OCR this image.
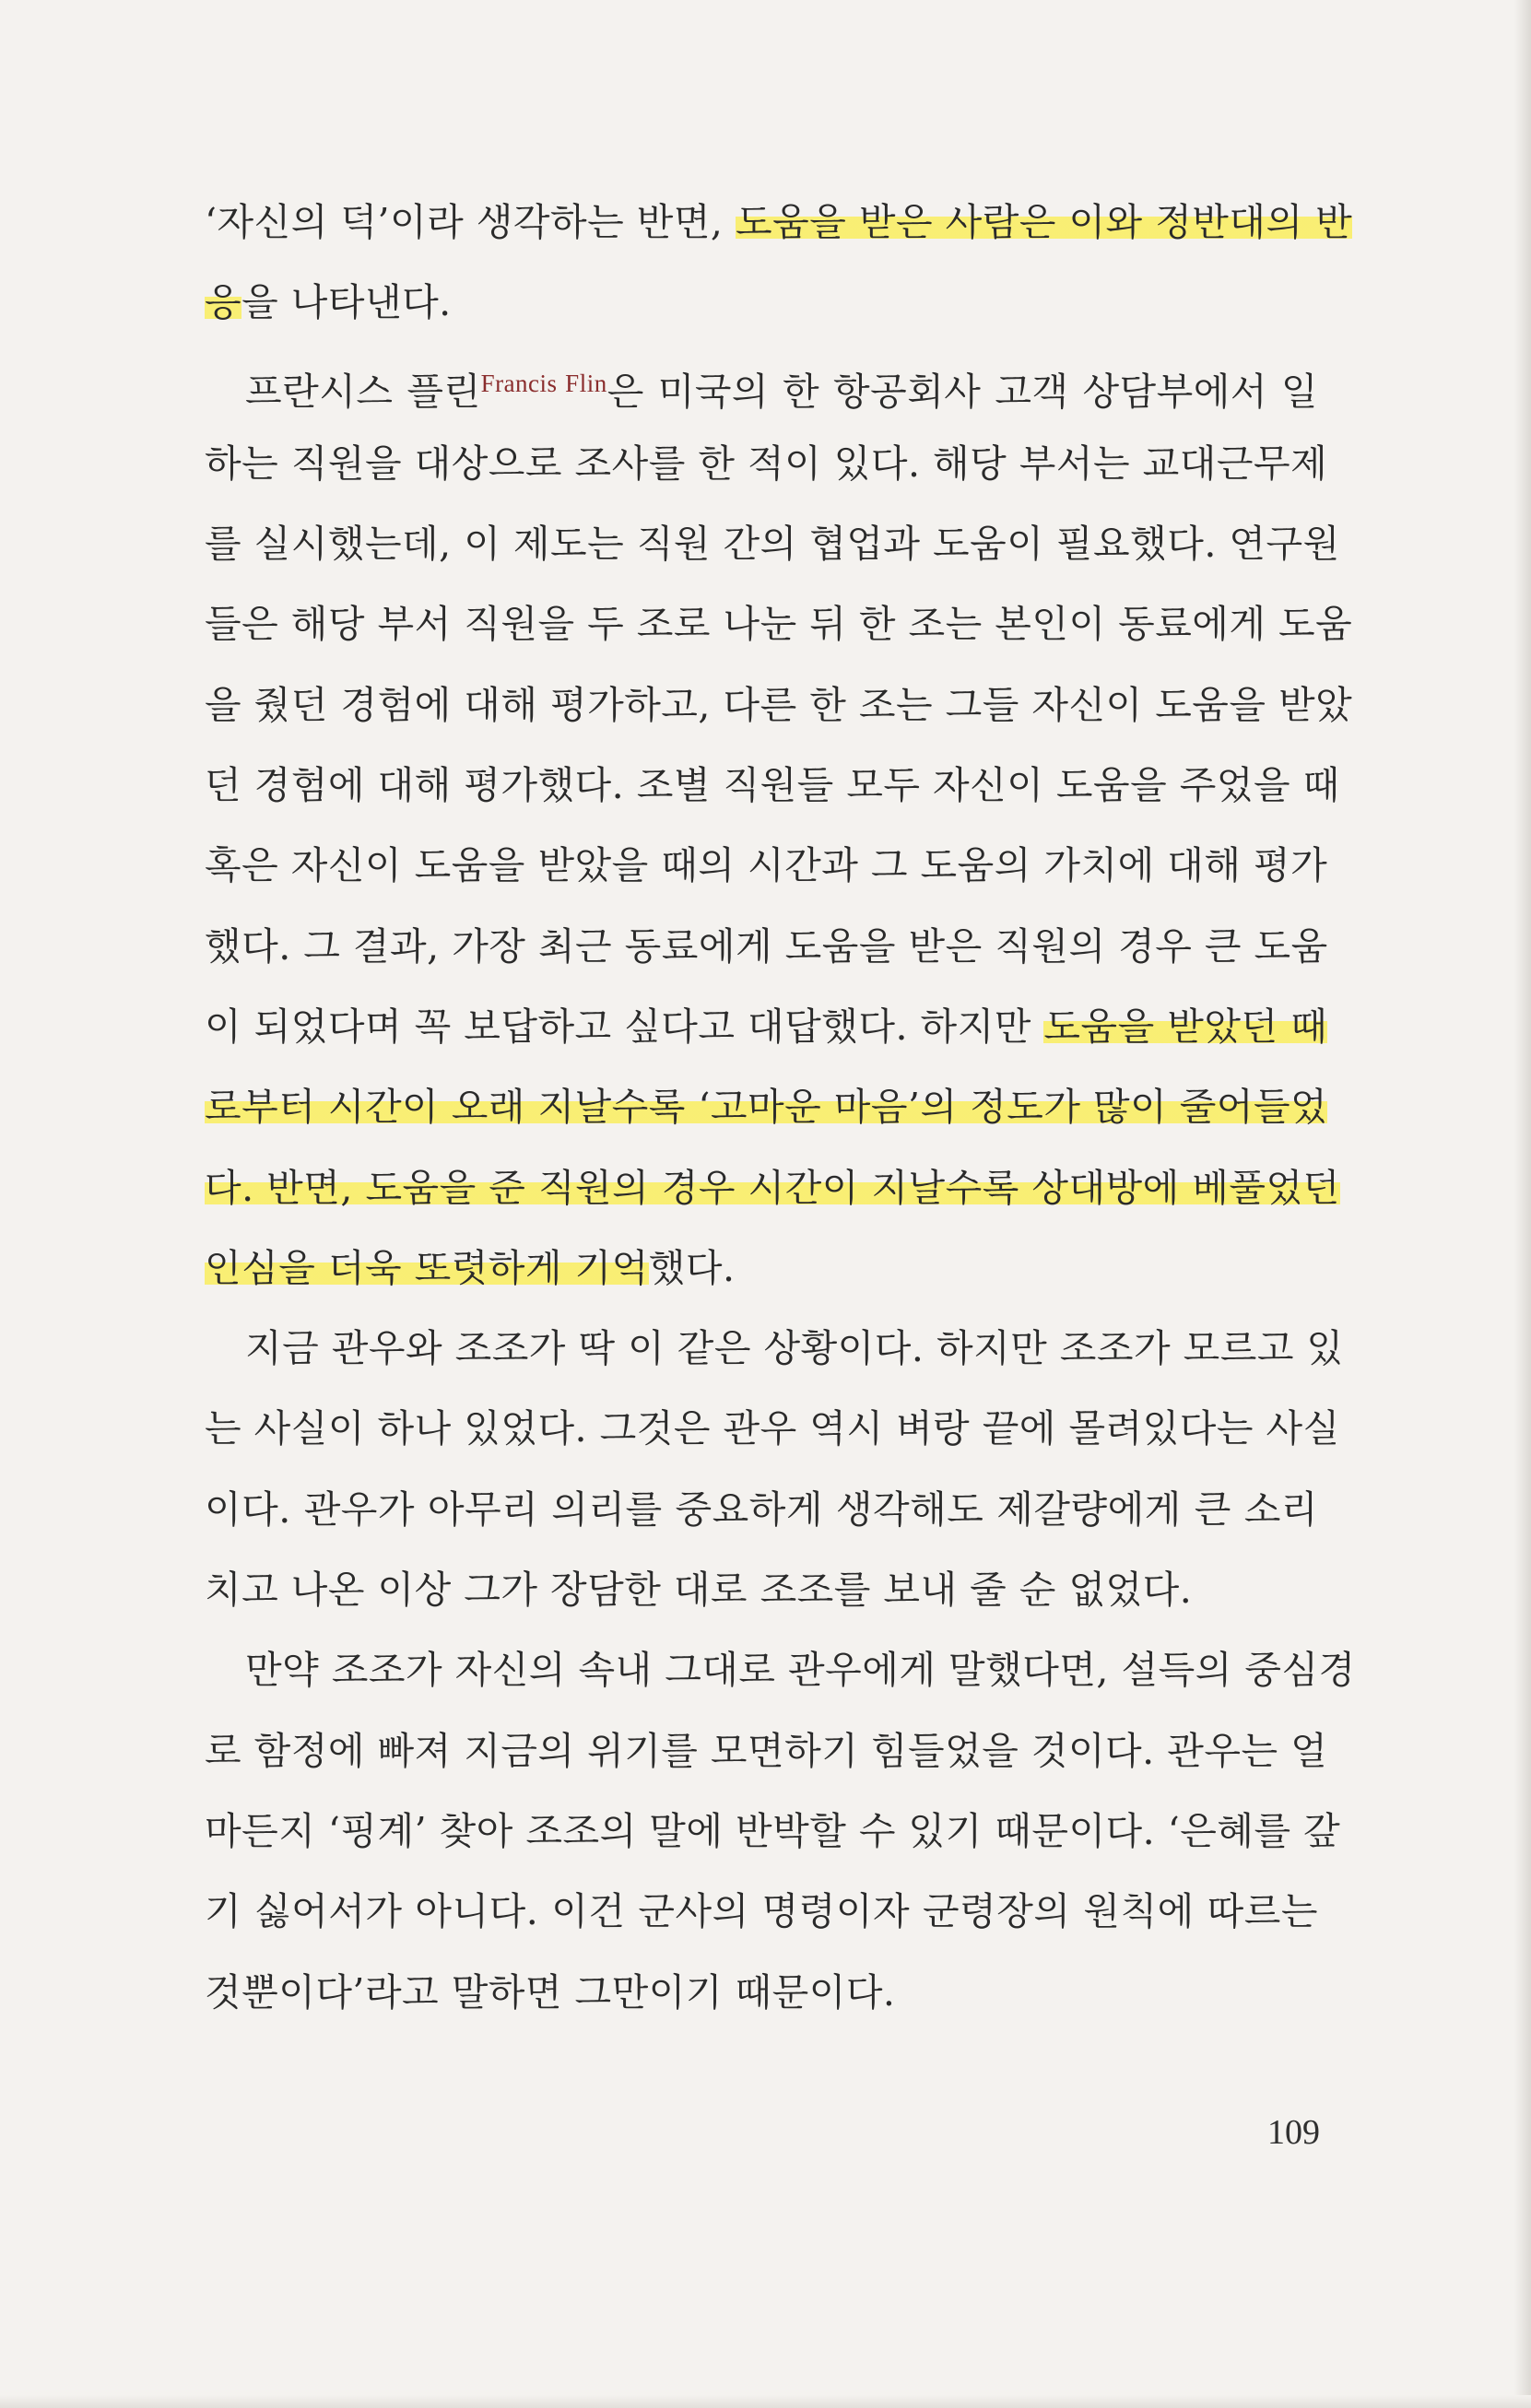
‘자신의 덕’이라 생각하는 반면, 도움을 받은 사람은 이와 정반대의 반
응을 나타낸다.
프란시스 플린$^{Francis Flin}$은 미국의 한 항공회사 고객 상담부에서 일
하는 직원을 대상으로 조사를 한 적이 있다. 해당 부서는 교대근무제
를 실시했는데, 이 제도는 직원 간의 협업과 도움이 필요했다. 연구원
들은 해당 부서 직원을 두 조로 나눈 뒤 한 조는 본인이 동료에게 도움
을 줬던 경험에 대해 평가하고, 다른 한 조는 그들 자신이 도움을 받았
던 경험에 대해 평가했다. 조별 직원들 모두 자신이 도움을 주었을 때
혹은 자신이 도움을 받았을 때의 시간과 그 도움의 가치에 대해 평가
했다. 그 결과, 가장 최근 동료에게 도움을 받은 직원의 경우 큰 도움
이 되었다며 꼭 보답하고 싶다고 대답했다. 하지만 도움을 받았던 때
로부터 시간이 오래 지날수록 ‘고마운 마음’의 정도가 많이 줄어들었
다. 반면, 도움을 준 직원의 경우 시간이 지날수록 상대방에 베풀었던
인심을 더욱 또렷하게 기억했다.
지금 관우와 조조가 딱 이 같은 상황이다. 하지만 조조가 모르고 있
는 사실이 하나 있었다. 그것은 관우 역시 벼랑 끝에 몰려있다는 사실
이다. 관우가 아무리 의리를 중요하게 생각해도 제갈량에게 큰 소리
치고 나온 이상 그가 장담한 대로 조조를 보내 줄 순 없었다.
만약 조조가 자신의 속내 그대로 관우에게 말했다면, 설득의 중심경
로 함정에 빠져 지금의 위기를 모면하기 힘들었을 것이다. 관우는 얼
마든지 ‘핑계’ 찾아 조조의 말에 반박할 수 있기 때문이다. ‘은혜를 갚
기 싫어서가 아니다. 이건 군사의 명령이자 군령장의 원칙에 따르는
것뿐이다’라고 말하면 그만이기 때문이다.
109
